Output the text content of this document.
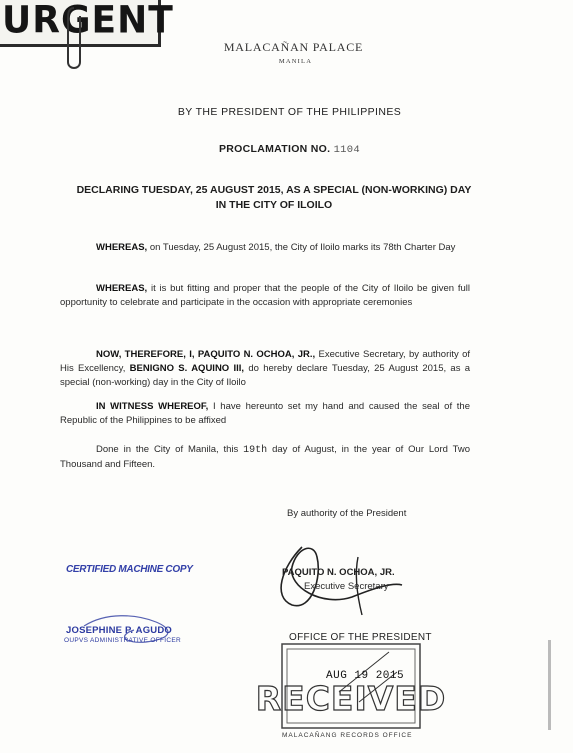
URGENT
MALACAÑAN PALACE
MANILA
BY THE PRESIDENT OF THE PHILIPPINES
PROCLAMATION NO. 1104
DECLARING TUESDAY, 25 AUGUST 2015, AS A SPECIAL (NON-WORKING) DAY IN THE CITY OF ILOILO
WHEREAS, on Tuesday, 25 August 2015, the City of Iloilo marks its 78th Charter Day
WHEREAS, it is but fitting and proper that the people of the City of Iloilo be given full opportunity to celebrate and participate in the occasion with appropriate ceremonies
NOW, THEREFORE, I, PAQUITO N. OCHOA, JR., Executive Secretary, by authority of His Excellency, BENIGNO S. AQUINO III, do hereby declare Tuesday, 25 August 2015, as a special (non-working) day in the City of Iloilo
IN WITNESS WHEREOF, I have hereunto set my hand and caused the seal of the Republic of the Philippines to be affixed
Done in the City of Manila, this 19th day of August, in the year of Our Lord Two Thousand and Fifteen.
By authority of the President
PAQUITO N. OCHOA, JR.
Executive Secretary
CERTIFIED MACHINE COPY
JOSEPHINE P. AGUDO
OUPVS ADMINISTRATIVE OFFICER
RECEIVED
OFFICE OF THE PRESIDENT
AUG 19 2015
MALACAÑANG RECORDS OFFICE
